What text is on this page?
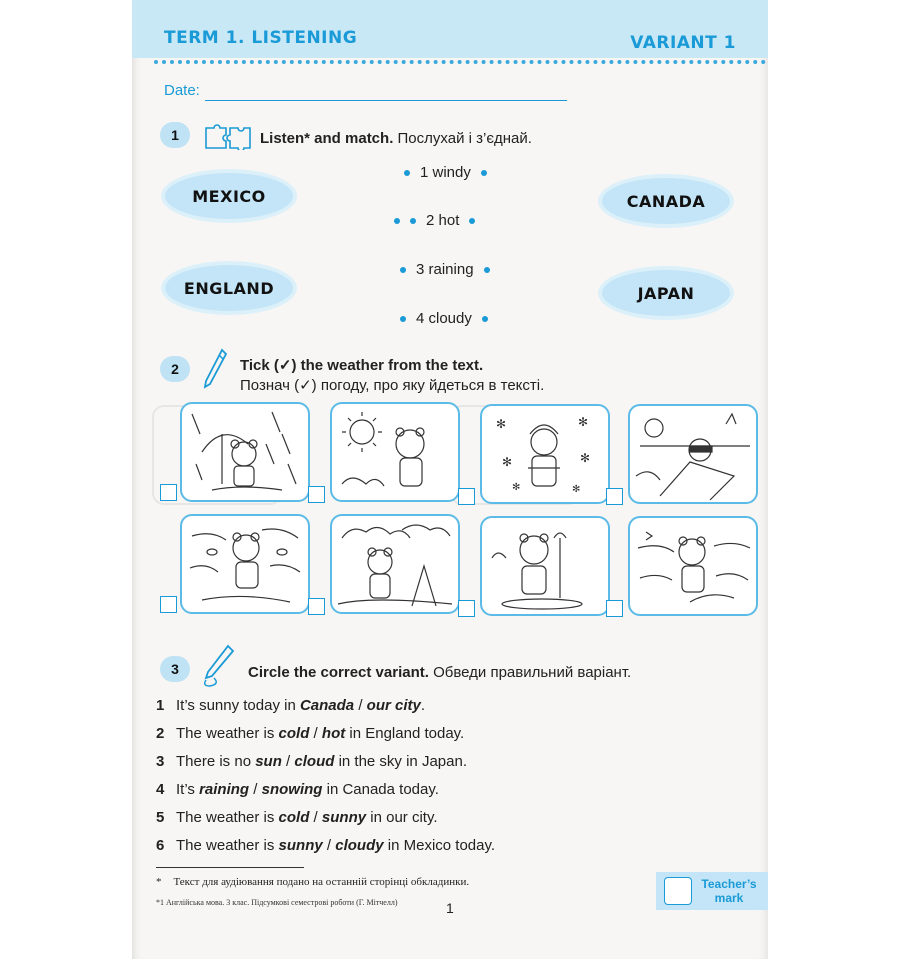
TERM 1. LISTENING	VARIANT 1
Date:
1	Listen* and match. Послухай і з’єднай.
MEXICO
ENGLAND
CANADA
JAPAN
1 windy
2 hot
3 raining
4 cloudy
2	Tick (✓) the weather from the text.
Познач (✓) погоду, про яку йдеться в тексті.
✻	✻
✻	✻
✻	✻
3	Circle the correct variant. Обведи правильний варіант.
1 It’s sunny today in Canada / our city.
2 The weather is cold / hot in England today.
3 There is no sun / cloud in the sky in Japan.
4 It’s raining / snowing in Canada today.
5 The weather is cold / sunny in our city.
6 The weather is sunny / cloudy in Mexico today.
* Текст для аудіювання подано на останній сторінці обкладинки.
*1 Англійська мова. 3 клас. Підсумкові семестрові роботи (Г. Мітчелл)	1
Teacher’s
mark
